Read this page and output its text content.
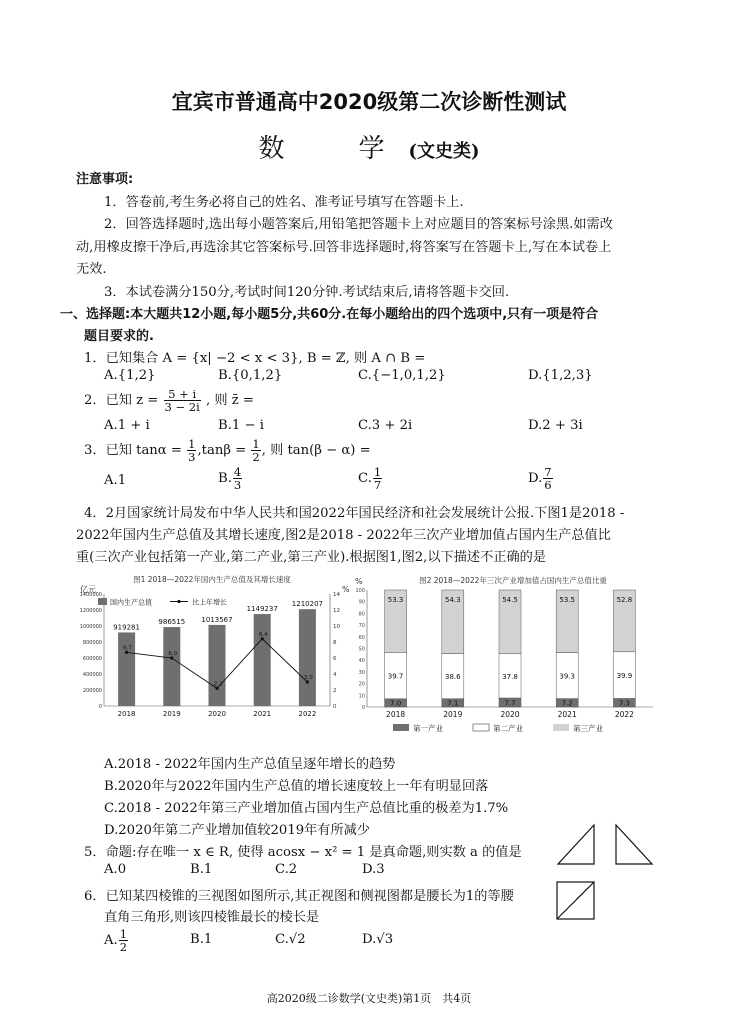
宜宾市普通高中2020级第二次诊断性测试
数　学(文史类)
注意事项:
1．答卷前,考生务必将自己的姓名、准考证号填写在答题卡上.
2．回答选择题时,选出每小题答案后,用铅笔把答题卡上对应题目的答案标号涂黑.如需改
动,用橡皮擦干净后,再选涂其它答案标号.回答非选择题时,将答案写在答题卡上,写在本试卷上
无效.
3．本试卷满分150分,考试时间120分钟.考试结束后,请将答题卡交回.
一、选择题:本大题共12小题,每小题5分,共60分.在每小题给出的四个选项中,只有一项是符合
题目要求的.
1．已知集合 A = {x| −2 < x < 3}, B = ℤ, 则 A ∩ B =
A.{1,2}	B.{0,1,2}	C.{−1,0,1,2}	D.{1,2,3}
2．已知 $z = \frac{5 + i}{3 - 2i}$ , 则 z̄ =
A.1 + i	B.1 − i	C.3 + 2i	D.2 + 3i
3．已知 $\tan\alpha = \frac{1}{3} ,\tan\beta = \frac{1}{2}$ , 则 tan(β − α) =
A.1	B. $\frac{4}{3}$	C. $\frac{1}{7}$	D. $\frac{7}{6}$
4．2月国家统计局发布中华人民共和国2022年国民经济和社会发展统计公报.下图1是2018 -
2022年国内生产总值及其增长速度,图2是2018 - 2022年三次产业增加值占国内生产总值比
重(三次产业包括第一产业,第二产业,第三产业).根据图1,图2,以下描述不正确的是
图1 2018—2022年国内生产总值及其增长速度
亿元	%
0
200000
400000
600000
800000
1000000
1200000
1400000
0
2
4
6
8
10
12
14
6.7
6.0
2.2
8.4
3.0
919281
2018
986515
2019
1013567
2020
1149237
2021
1210207
2022
国内生产总值	比上年增长
图2 2018—2022年三次产业增加值占国内生产总值比重
%
0
10
20
30
40
50
60
70
80
90
100
7.0
39.7
53.3
2018
7.1
38.6
54.3
2019
7.7
37.8
54.5
2020
7.2
39.3
53.5
2021
7.3
39.9
52.8
2022
第一产业	第二产业	第三产业
A.2018 - 2022年国内生产总值呈逐年增长的趋势
B.2020年与2022年国内生产总值的增长速度较上一年有明显回落
C.2018 - 2022年第三产业增加值占国内生产总值比重的极差为1.7%
D.2020年第二产业增加值较2019年有所减少
5．命题:存在唯一 x ∈ R, 使得 acosx − x² = 1 是真命题,则实数 a 的值是
A.0	B.1	C.2	D.3
6．已知某四棱锥的三视图如图所示,其正视图和侧视图都是腰长为1的等腰
直角三角形,则该四棱锥最长的棱长是
A. $\frac{1}{2}$	B.1	C.√2	D.√3
高2020级二诊数学(文史类)第1页　共4页
